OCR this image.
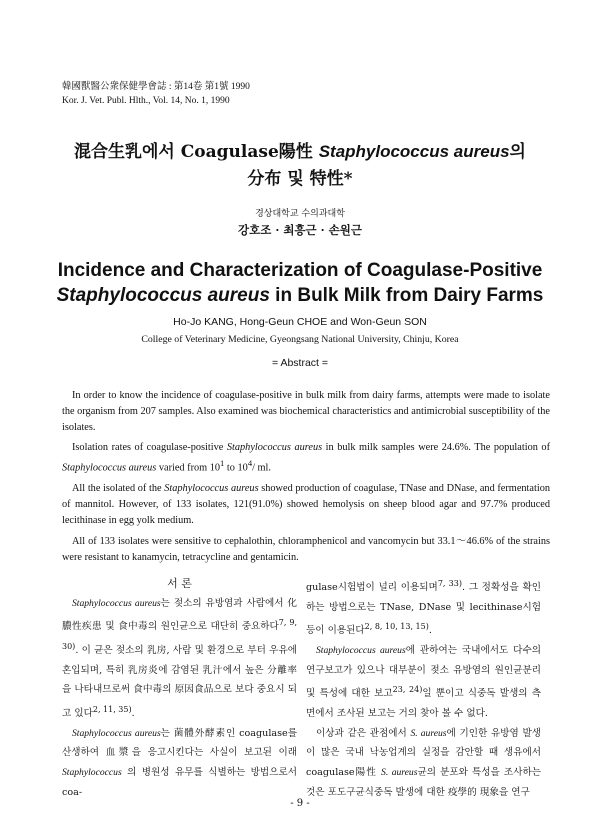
韓國獸醫公衆保健學會誌 : 第14卷 第1號 1990
Kor. J. Vet. Publ. Hlth., Vol. 14, No. 1, 1990
混合生乳에서 Coagulase陽性 Staphylococcus aureus의
分布 및 特性*
경상대학교 수의과대학
강호조 · 최흥근 · 손원근
Incidence and Characterization of Coagulase-Positive
Staphylococcus aureus in Bulk Milk from Dairy Farms
Ho-Jo KANG, Hong-Geun CHOE and Won-Geun SON
College of Veterinary Medicine, Gyeongsang National University, Chinju, Korea
= Abstract =

In order to know the incidence of coagulase-positive in bulk milk from dairy farms, attempts were made to isolate the organism from 207 samples. Also examined was biochemical characteristics and antimicrobial susceptibility of the isolates.

Isolation rates of coagulase-positive Staphylococcus aureus in bulk milk samples were 24.6%. The population of Staphylococcus aureus varied from $10^1$ to $10^4/$ ml.

All the isolated of the Staphylococcus aureus showed production of coagulase, TNase and DNase, and fermentation of mannitol. However, of 133 isolates, 121(91.0%) showed hemolysis on sheep blood agar and 97.7% produced lecithinase in egg yolk medium.

All of 133 isolates were sensitive to cephalothin, chloramphenicol and vancomycin but 33.1～46.6% of the strains were resistant to kanamycin, tetracycline and gentamicin.

서 론

Staphylococcus aureus는 젖소의 유방염과 사람에서 化膿性疾患 및 食中毒의 원인균으로 대단히 중요하다$^{7, 9, 30)}$. 이 균은 젖소의 乳房, 사람 및 환경으로 부터 우유에 혼입되며, 특히 乳房炎에 감염된 乳汁에서 높은 分離率을 나타내므로써 食中毒의 原因食品으로 보다 중요시 되고 있다$^{2, 11, 35)}$.

Staphylococcus aureus는 菌體外酵素인 coagulase를 산생하여 血漿을 응고시킨다는 사실이 보고된 이래 Staphylococcus 의 병원성 유무를 식별하는 방법으로서 coa-

gulase시험법이 널리 이용되며$^{7, 33)}$. 그 정확성을 확인하는 방법으로는 TNase, DNase 및 lecithinase시험 등이 이용된다$^{2, 8, 10, 13, 15)}$.

Staphylococcus aureus에 관하여는 국내에서도 다수의 연구보고가 있으나 대부분이 젖소 유방염의 원인균분리 및 특성에 대한 보고$^{23, 24)}$일 뿐이고 식중독 발생의 측면에서 조사된 보고는 거의 찾아 볼 수 없다.

이상과 같은 관점에서 S. aureus에 기인한 유방염 발생이 많은 국내 낙농업계의 실정을 감안할 때 생유에서 coagulase陽性 S. aureus균의 분포와 특성을 조사하는 것은 포도구균식중독 발생에 대한 疫學的 現象을 연구

- 9 -
